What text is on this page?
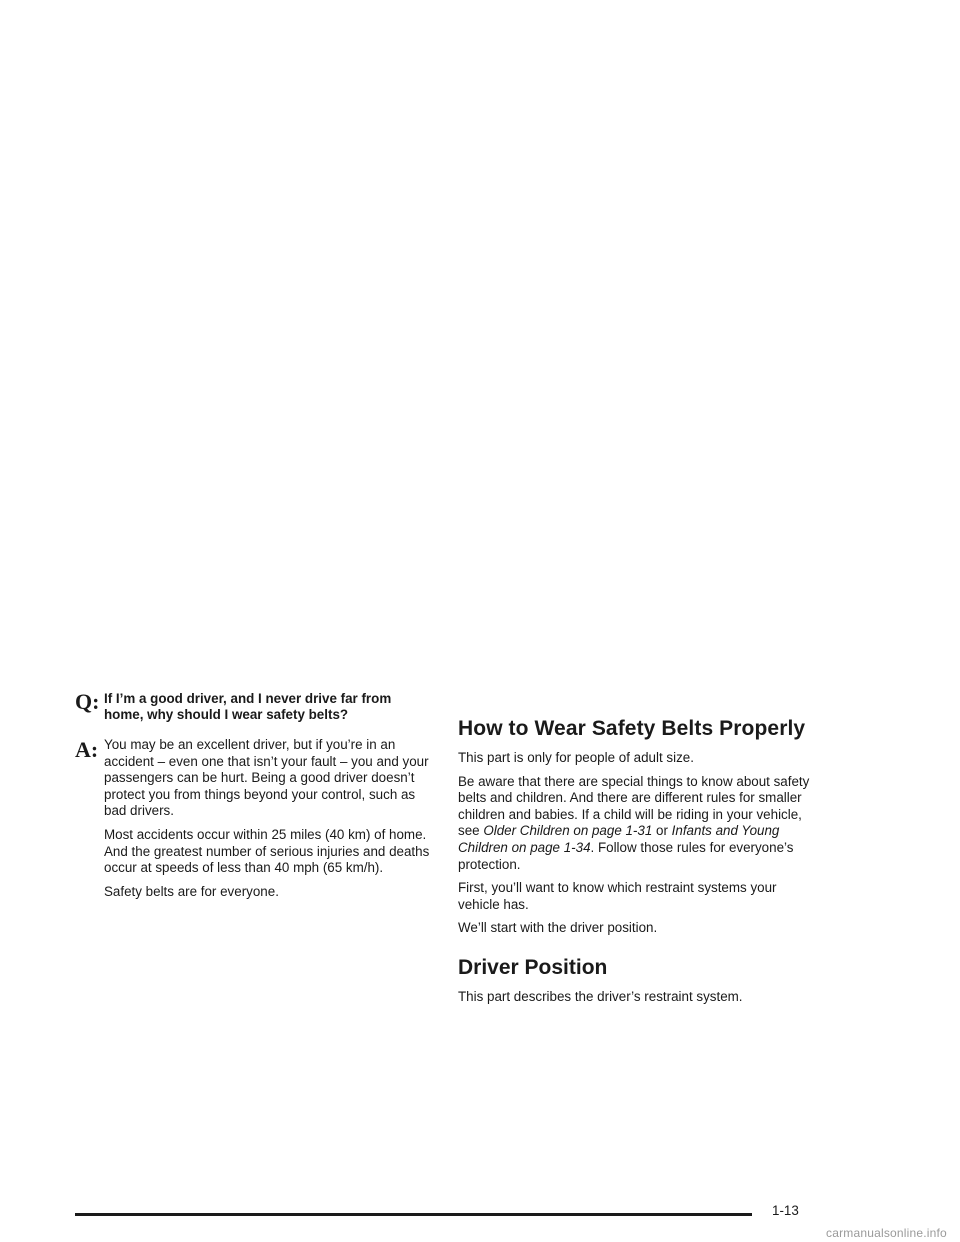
Q: If I’m a good driver, and I never drive far from home, why should I wear safety belts?

A: You may be an excellent driver, but if you’re in an accident – even one that isn’t your fault – you and your passengers can be hurt. Being a good driver doesn’t protect you from things beyond your control, such as bad drivers.

Most accidents occur within 25 miles (40 km) of home. And the greatest number of serious injuries and deaths occur at speeds of less than 40 mph (65 km/h).

Safety belts are for everyone.

How to Wear Safety Belts Properly

This part is only for people of adult size.

Be aware that there are special things to know about safety belts and children. And there are different rules for smaller children and babies. If a child will be riding in your vehicle, see Older Children on page 1-31 or Infants and Young Children on page 1-34. Follow those rules for everyone’s protection.

First, you’ll want to know which restraint systems your vehicle has.

We’ll start with the driver position.

Driver Position

This part describes the driver’s restraint system.

1-13
carmanualsonline.info
